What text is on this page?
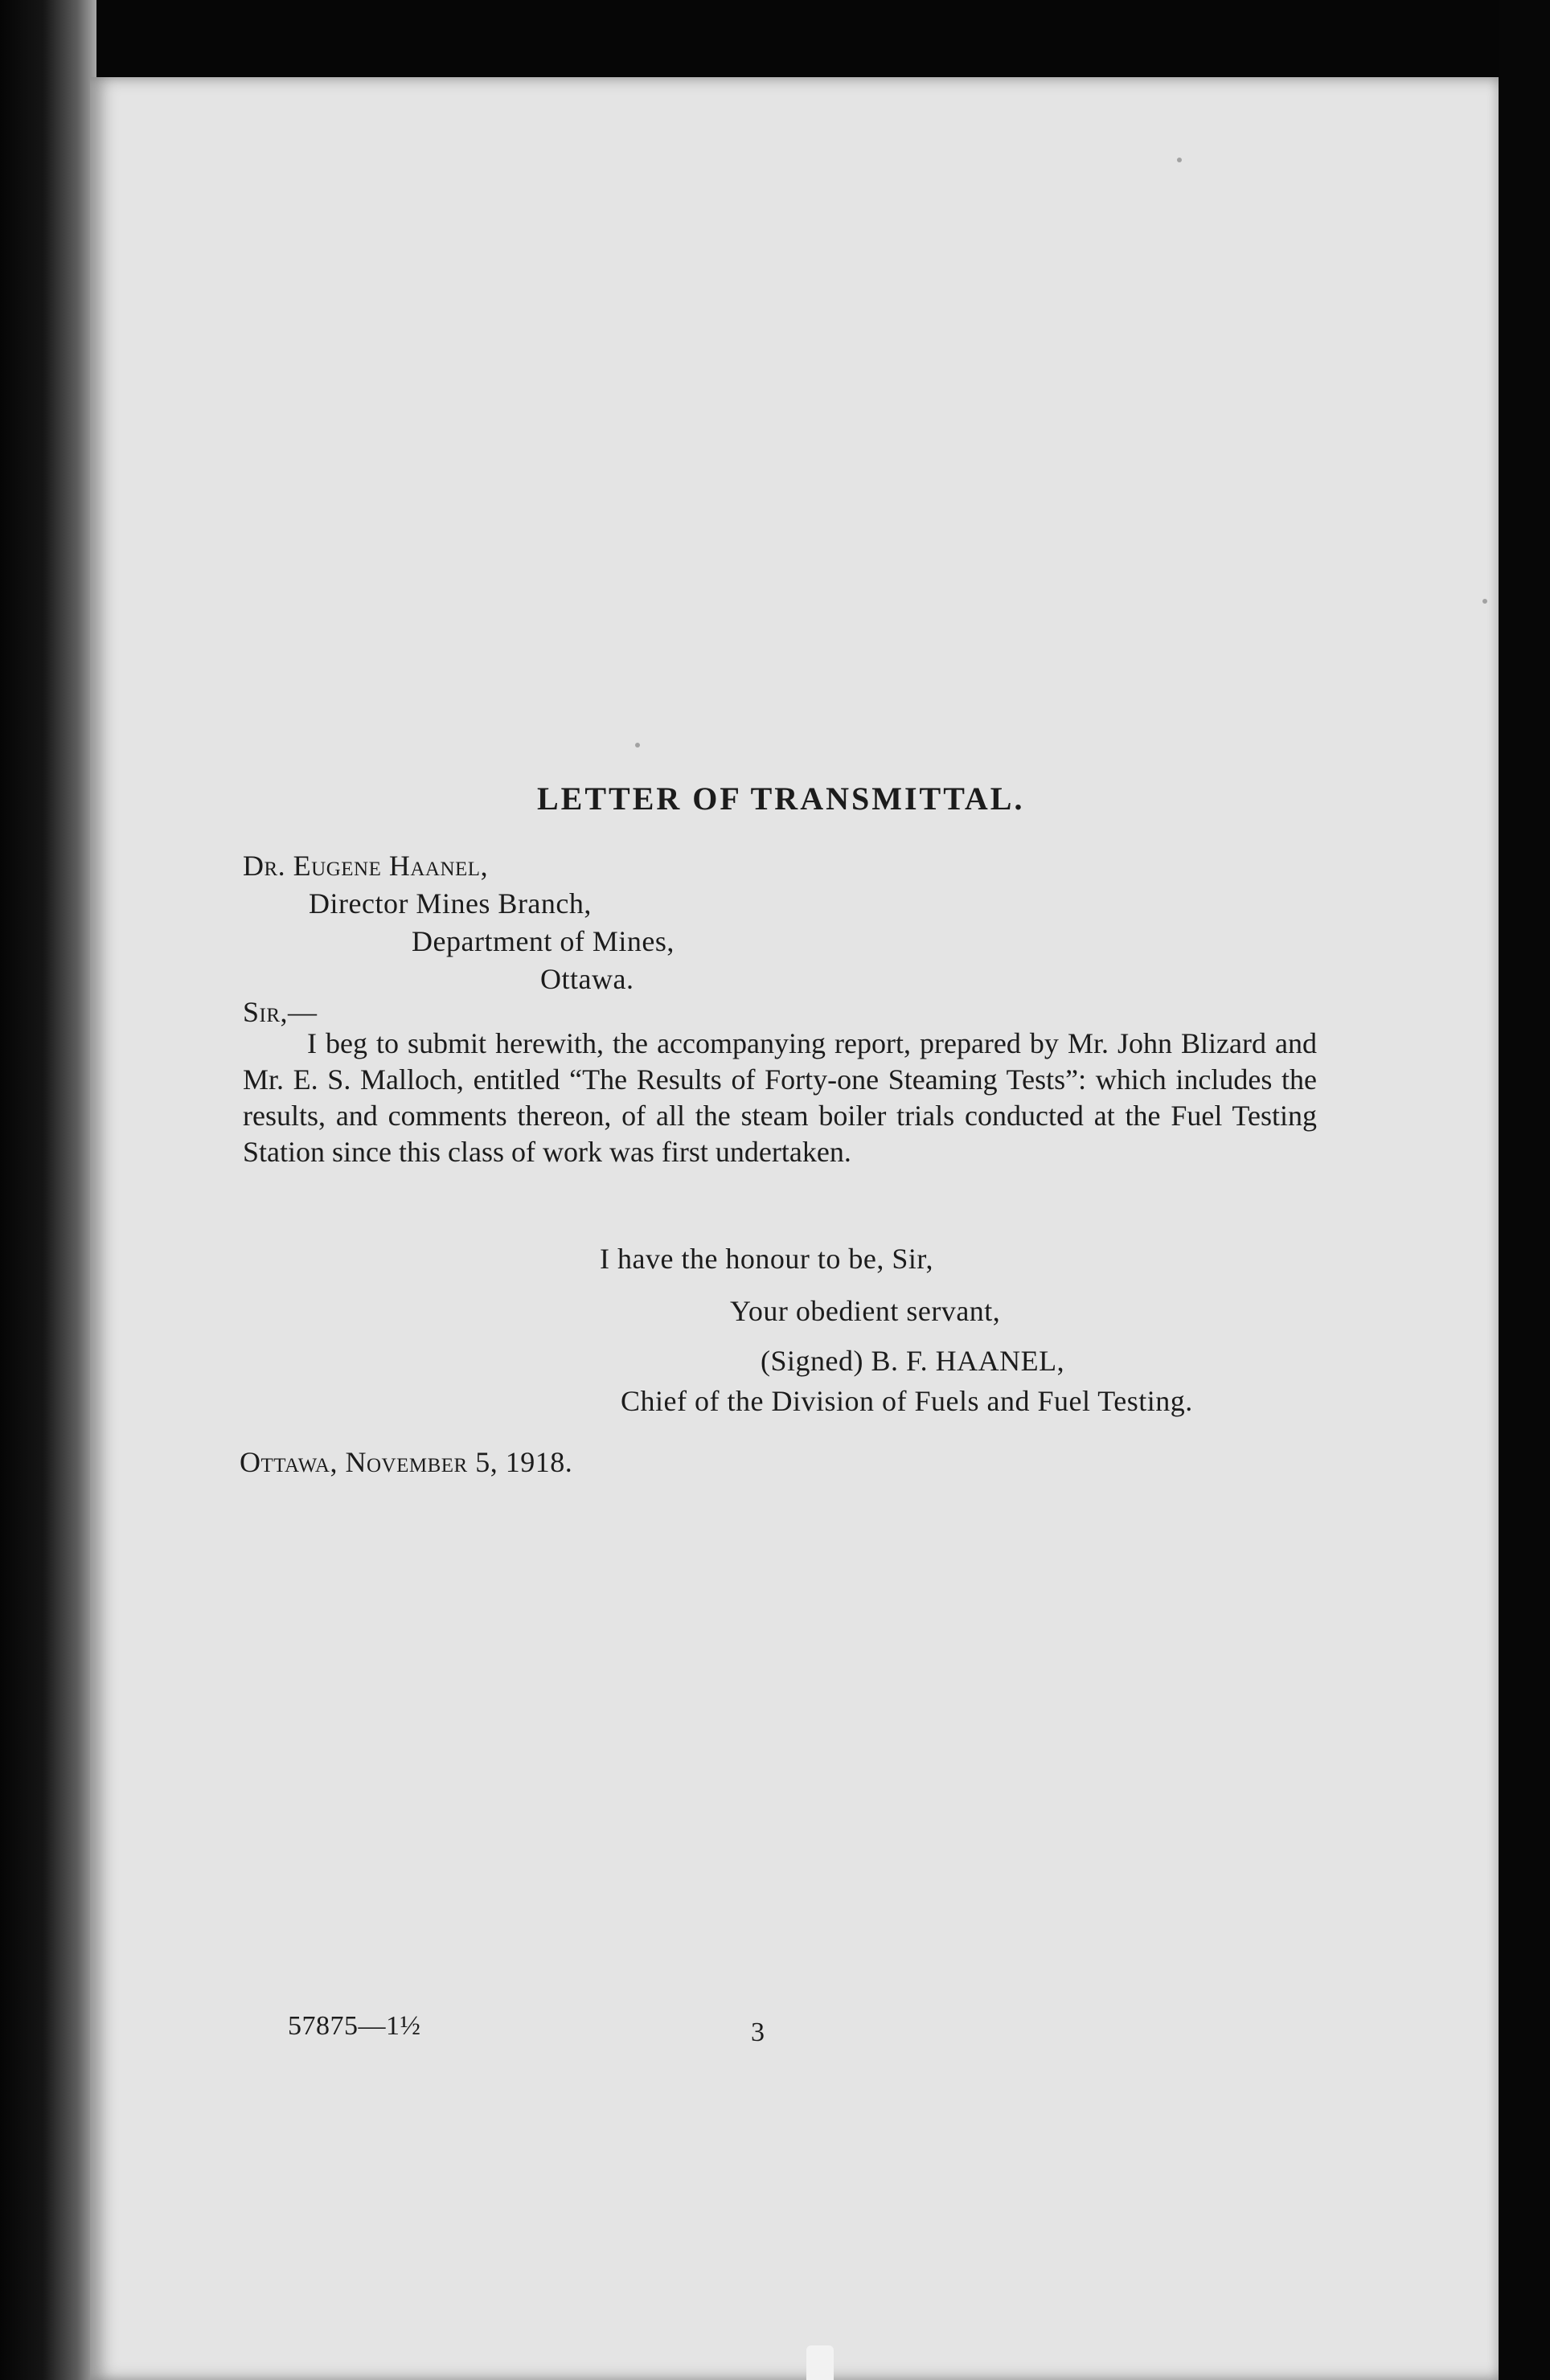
LETTER OF TRANSMITTAL.
Dr. Eugene Haanel,
Director Mines Branch,
Department of Mines,
Ottawa.
Sir,—
I beg to submit herewith, the accompanying report, prepared by Mr. John Blizard and Mr. E. S. Malloch, entitled “The Results of Forty-one Steaming Tests”: which includes the results, and comments thereon, of all the steam boiler trials conducted at the Fuel Testing Station since this class of work was first undertaken.
I have the honour to be, Sir,
Your obedient servant,
(Signed) B. F. HAANEL,
Chief of the Division of Fuels and Fuel Testing.
Ottawa, November 5, 1918.
57875—1½	3
